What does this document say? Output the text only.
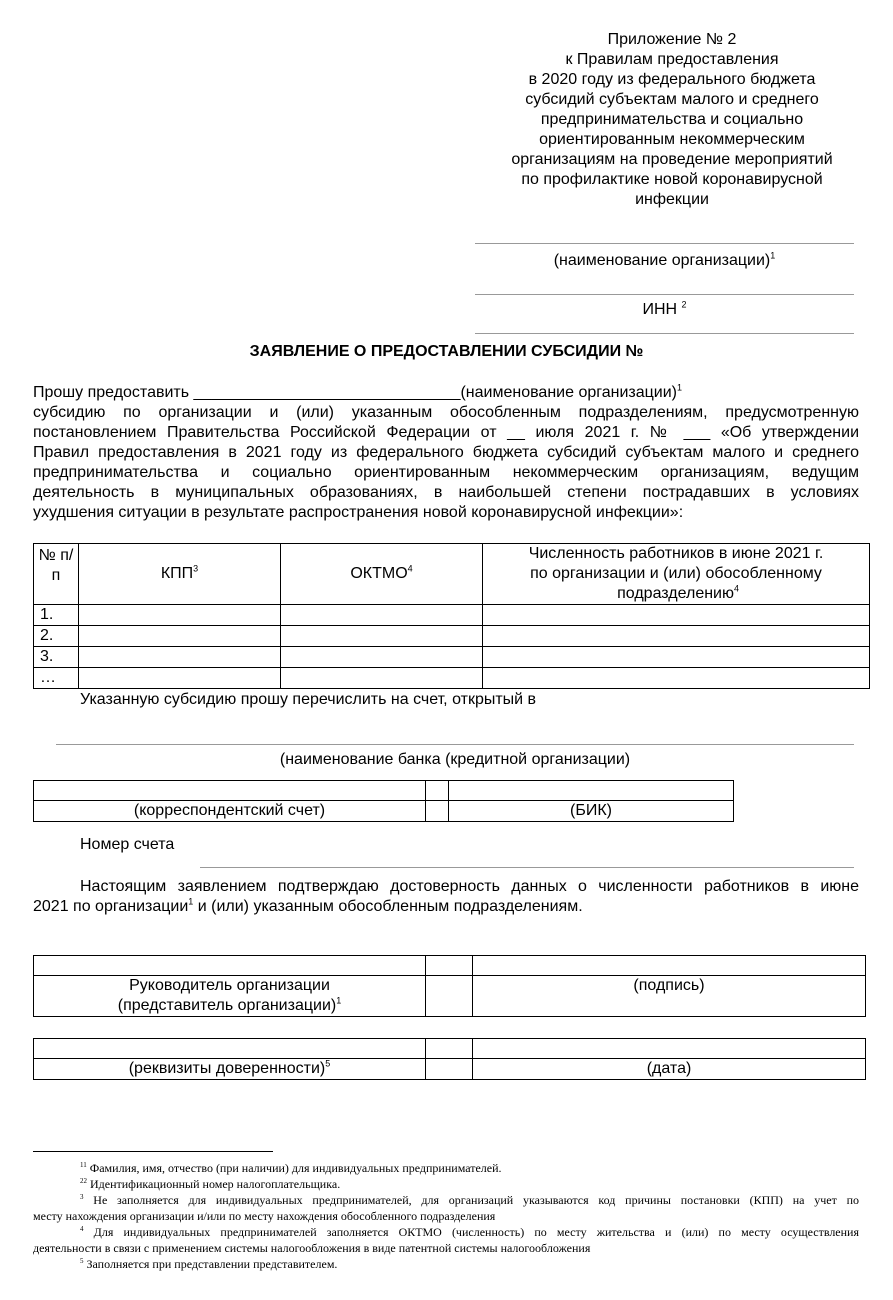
Приложение № 2
к Правилам предоставления
в 2020 году из федерального бюджета
субсидий субъектам малого и среднего
предпринимательства и социально
ориентированным некоммерческим
организациям на проведение мероприятий
по профилактике новой коронавирусной
инфекции
(наименование организации)$^1$
ИНН $^2$
ЗАЯВЛЕНИЕ О ПРЕДОСТАВЛЕНИИ СУБСИДИИ №
Прошу предоставить ______________________________(наименование организации)$^1$
субсидию по организации и (или) указанным обособленным подразделениям, предусмотренную
постановлением Правительства Российской Федерации от __ июля 2021 г. № ___ «Об утверждении
Правил предоставления в 2021 году из федерального бюджета субсидий субъектам малого и среднего
предпринимательства и социально ориентированным некоммерческим организациям, ведущим
деятельность в муниципальных образованиях, в наибольшей степени пострадавших в условиях
ухудшения ситуации в результате распространения новой коронавирусной инфекции»:
№ п/п	КПП$^3$	ОКТМО$^4$	Численность работников в июне 2021 г.
по организации и (или) обособленному
подразделению$^4$

1.			
2.			
3.			
…			
Указанную субсидию прошу перечислить на счет, открытый в
(наименование банка (кредитной организации)

(корреспондентский счет)		(БИК)
Номер счета
Настоящим заявлением подтверждаю достоверность данных о численности работников в июне
2021 по организации$^1$ и (или) указанным обособленным подразделениям.

Руководитель организации
(представитель организации)$^1$		(подпись)

(реквизиты доверенности)$^5$		(дата)
$^{11}$ Фамилия, имя, отчество (при наличии) для индивидуальных предпринимателей.
$^{22}$ Идентификационный номер налогоплательщика.
$^3$ Не заполняется для индивидуальных предпринимателей, для организаций указываются код причины постановки (КПП) на учет по
месту нахождения организации и/или по месту нахождения обособленного подразделения
$^4$ Для индивидуальных предпринимателей заполняется ОКТМО (численность) по месту жительства и (или) по месту осуществления
деятельности в связи с применением системы налогообложения в виде патентной системы налогообложения
$^5$ Заполняется при представлении представителем.
